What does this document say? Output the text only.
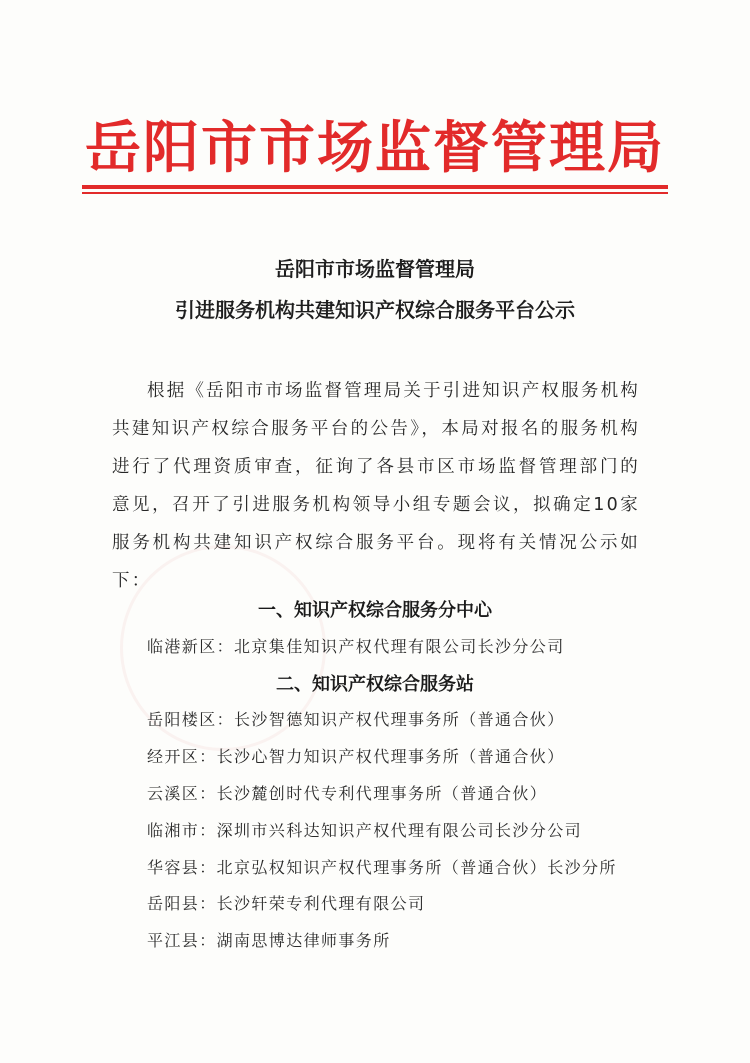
岳阳市市场监督管理局
岳阳市市场监督管理局
引进服务机构共建知识产权综合服务平台公示
根据《岳阳市市场监督管理局关于引进知识产权服务机构共建知识产权综合服务平台的公告》，本局对报名的服务机构进行了代理资质审查，征询了各县市区市场监督管理部门的意见，召开了引进服务机构领导小组专题会议，拟确定10家服务机构共建知识产权综合服务平台。现将有关情况公示如下：
一、知识产权综合服务分中心
临港新区：北京集佳知识产权代理有限公司长沙分公司
二、知识产权综合服务站
岳阳楼区：长沙智德知识产权代理事务所（普通合伙）
经开区：长沙心智力知识产权代理事务所（普通合伙）
云溪区：长沙麓创时代专利代理事务所（普通合伙）
临湘市：深圳市兴科达知识产权代理有限公司长沙分公司
华容县：北京弘权知识产权代理事务所（普通合伙）长沙分所
岳阳县：长沙轩荣专利代理有限公司
平江县：湖南思博达律师事务所
